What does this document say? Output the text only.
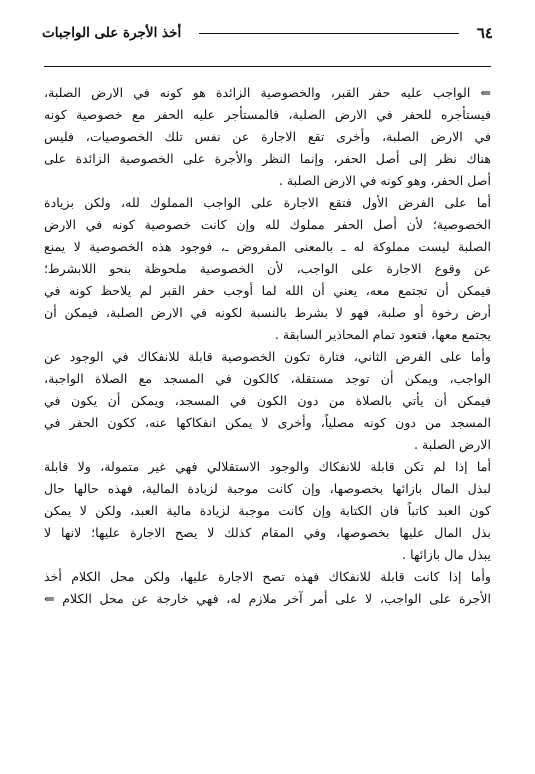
٦٤
أخذ الأجرة على الواجبات
⇐ الواجب عليه حفر القبر، والخصوصية الزائدة هو كونه في الارض الصلبة،
فيستأجره للحفر في الارض الصلبة، فالمستأجر عليه الحفر مع خصوصية كونه
في الارض الصلبة، وأخرى تقع الاجارة عن نفس تلك الخصوصيات، فليس
هناك نظر إلى أصل الحفر، وإنما النظر والأجرة على الخصوصية الزائدة على
أصل الحفر، وهو كونه في الارض الصلبة .
أما على الفرض الأول فتقع الاجارة على الواجب المملوك لله، ولكن بزيادة
الخصوصية؛ لأن أصل الحفر مملوك لله وإن كانت خصوصية كونه في الارض
الصلبة ليست مملوكة له ـ بالمعنى المفروض ـ، فوجود هذه الخصوصية لا يمنع
عن وقوع الاجارة على الواجب، لأن الخصوصية ملحوظة بنحو اللابشرط؛
فيمكن أن تجتمع معه، يعني أن الله لما أوجب حفر القبر لم يلاحظ كونه في
أرض رخوة أو صلبة، فهو لا بشرط بالنسبة لكونه في الارض الصلبة، فيمكن أن
يجتمع معها، فتعود تمام المحاذير السابقة .
وأما على الفرض الثاني، فتارة تكون الخصوصية قابلة للانفكاك في الوجود عن
الواجب، ويمكن أن توجد مستقلة، كالكون في المسجد مع الصلاة الواجبة،
فيمكن أن يأتي بالصلاة من دون الكون في المسجد، ويمكن أن يكون في
المسجد من دون كونه مصلياً، وأخرى لا يمكن انفكاكها عنه، ككون الحفر في
الارض الصلبة .
أما إذا لم تكن قابلة للانفكاك والوجود الاستقلالي فهي غير متمولة، ولا قابلة
لبذل المال بازائها بخصوصها، وإن كانت موجبة لزيادة المالية، فهذه حالها حال
كون العبد كاتباً فان الكتابة وإن كانت موجبة لزيادة مالية العبد، ولكن لا يمكن
بذل المال عليها بخصوصها، وفي المقام كذلك لا يصح الاجارة عليها؛ لانها لا
يبذل مال بازائها .
وأما إذا كانت قابلة للانفكاك فهذه تصح الاجارة عليها، ولكن محل الكلام أخذ
الأجرة على الواجب، لا على أمر آخر ملازم له، فهي خارجة عن محل الكلام ⇐
